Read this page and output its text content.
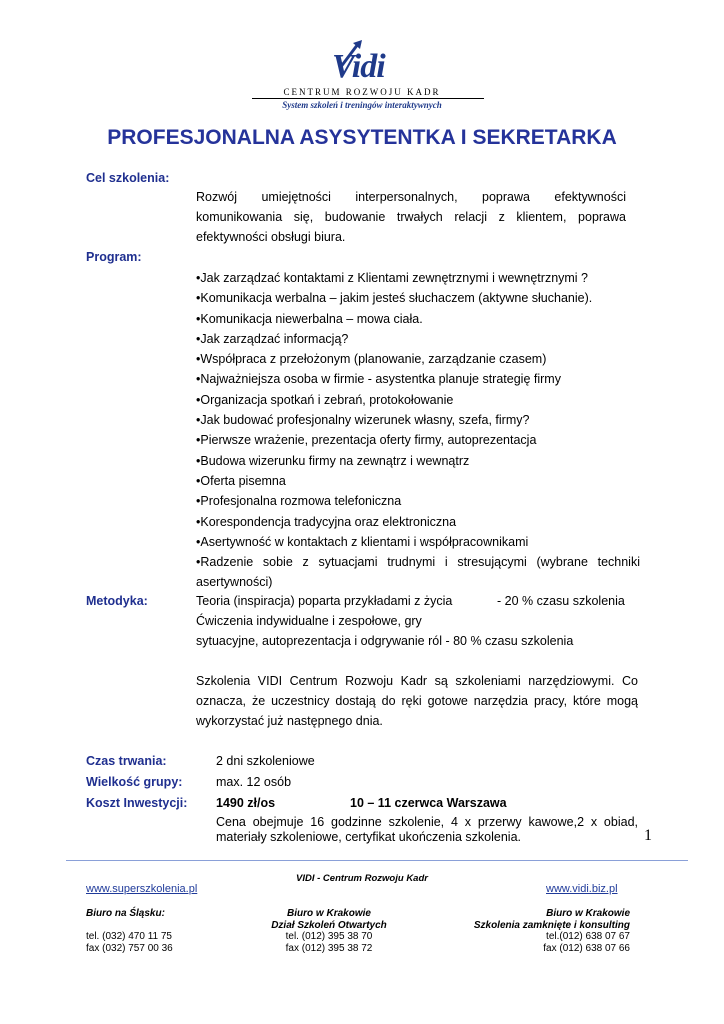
Vidi
CENTRUM ROZWOJU KADR
System szkoleń i treningów interaktywnych
PROFESJONALNA ASYSYTENTKA I SEKRETARKA
Cel szkolenia:
Rozwój umiejętności interpersonalnych, poprawa efektywności
komunikowania się, budowanie trwałych relacji z klientem, poprawa
efektywności obsługi biura.
Program:
•Jak zarządzać kontaktami z Klientami zewnętrznymi i wewnętrznymi ?
•Komunikacja werbalna – jakim jesteś słuchaczem (aktywne słuchanie).
•Komunikacja niewerbalna – mowa ciała.
•Jak zarządzać informacją?
•Współpraca z przełożonym (planowanie, zarządzanie czasem)
•Najważniejsza osoba w firmie - asystentka planuje strategię firmy
•Organizacja spotkań i zebrań, protokołowanie
•Jak budować profesjonalny wizerunek własny, szefa, firmy?
•Pierwsze wrażenie, prezentacja oferty firmy, autoprezentacja
•Budowa wizerunku firmy na zewnątrz i wewnątrz
•Oferta pisemna
•Profesjonalna rozmowa telefoniczna
•Korespondencja tradycyjna oraz elektroniczna
•Asertywność w kontaktach z klientami i współpracownikami
•Radzenie sobie z sytuacjami trudnymi i stresującymi (wybrane techniki
asertywności)
Metodyka:	Teoria (inspiracja) poparta przykładami z życia	- 20 % czasu szkolenia
Ćwiczenia indywidualne i zespołowe, gry
sytuacyjne, autoprezentacja i odgrywanie ról - 80 % czasu szkolenia
Szkolenia VIDI Centrum Rozwoju Kadr są szkoleniami narzędziowymi. Co
oznacza, że uczestnicy dostają do ręki gotowe narzędzia pracy, które mogą
wykorzystać już następnego dnia.
Czas trwania:	2 dni szkoleniowe
Wielkość grupy:	max. 12 osób
Koszt Inwestycji: 1490 zł/os	10 – 11 czerwca Warszawa
Cena obejmuje 16 godzinne szkolenie, 4 x przerwy kawowe,2 x obiad,
materiały szkoleniowe, certyfikat ukończenia szkolenia.	1
VIDI - Centrum Rozwoju Kadr
www.superszkolenia.pl	www.vidi.biz.pl
Biuro na Śląsku:
tel. (032) 470 11 75
fax (032) 757 00 36
Biuro w Krakowie
Dział Szkoleń Otwartych
tel. (012) 395 38 70
fax (012) 395 38 72
Biuro w Krakowie
Szkolenia zamknięte i konsulting
tel.(012) 638 07 67
fax (012) 638 07 66
